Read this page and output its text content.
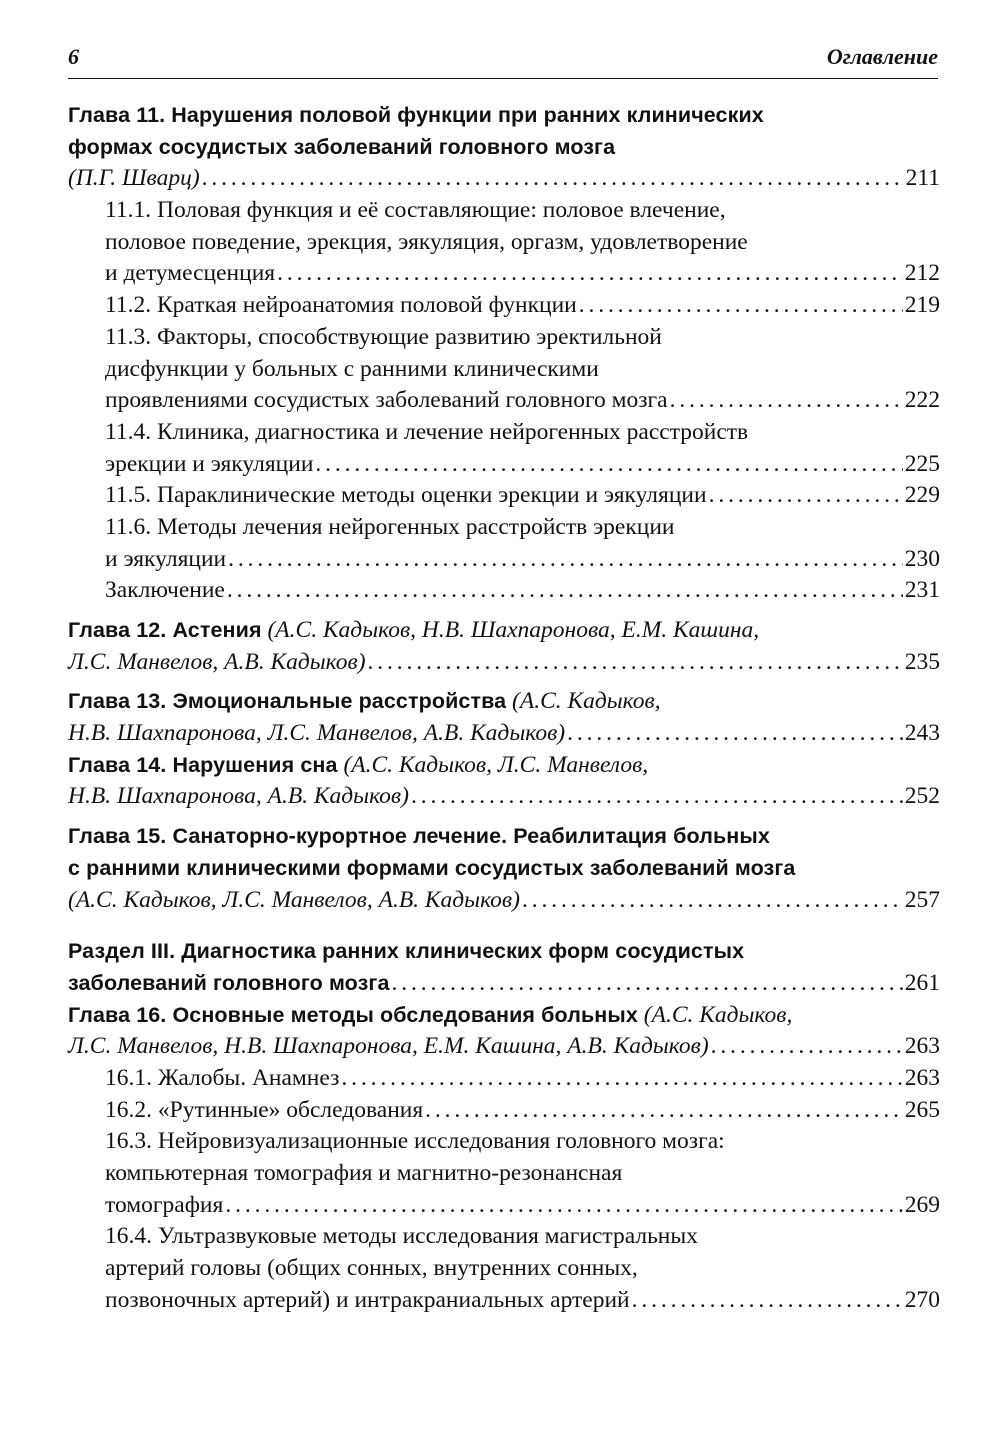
6	Оглавление
Глава 11. Нарушения половой функции при ранних клинических
формах сосудистых заболеваний головного мозга
(П.Г. Шварц) . . .	211
11.1. Половая функция и её составляющие: половое влечение,
половое поведение, эрекция, эякуляция, оргазм, удовлетворение
и детумесценция . . .	212
11.2. Краткая нейроанатомия половой функции . . .	219
11.3. Факторы, способствующие развитию эректильной
дисфункции у больных с ранними клиническими
проявлениями сосудистых заболеваний головного мозга . . .	222
11.4. Клиника, диагностика и лечение нейрогенных расстройств
эрекции и эякуляции . . .	225
11.5. Параклинические методы оценки эрекции и эякуляции . . .	229
11.6. Методы лечения нейрогенных расстройств эрекции
и эякуляции . . .	230
Заключение . . .	231
Глава 12. Астения (А.С. Кадыков, Н.В. Шахпаронова, Е.М. Кашина,
Л.С. Манвелов, А.В. Кадыков) . . .	235
Глава 13. Эмоциональные расстройства (А.С. Кадыков,
Н.В. Шахпаронова, Л.С. Манвелов, А.В. Кадыков) . . .	243
Глава 14. Нарушения сна (А.С. Кадыков, Л.С. Манвелов,
Н.В. Шахпаронова, А.В. Кадыков) . . .	252
Глава 15. Санаторно-курортное лечение. Реабилитация больных
с ранними клиническими формами сосудистых заболеваний мозга
(А.С. Кадыков, Л.С. Манвелов, А.В. Кадыков) . . .	257
Раздел III. Диагностика ранних клинических форм сосудистых
заболеваний головного мозга . . .	261
Глава 16. Основные методы обследования больных (А.С. Кадыков,
Л.С. Манвелов, Н.В. Шахпаронова, Е.М. Кашина, А.В. Кадыков) . . .	263
16.1. Жалобы. Анамнез . . .	263
16.2. «Рутинные» обследования . . .	265
16.3. Нейровизуализационные исследования головного мозга:
компьютерная томография и магнитно-резонансная
томография . . .	269
16.4. Ультразвуковые методы исследования магистральных
артерий головы (общих сонных, внутренних сонных,
позвоночных артерий) и интракраниальных артерий . . .	270
